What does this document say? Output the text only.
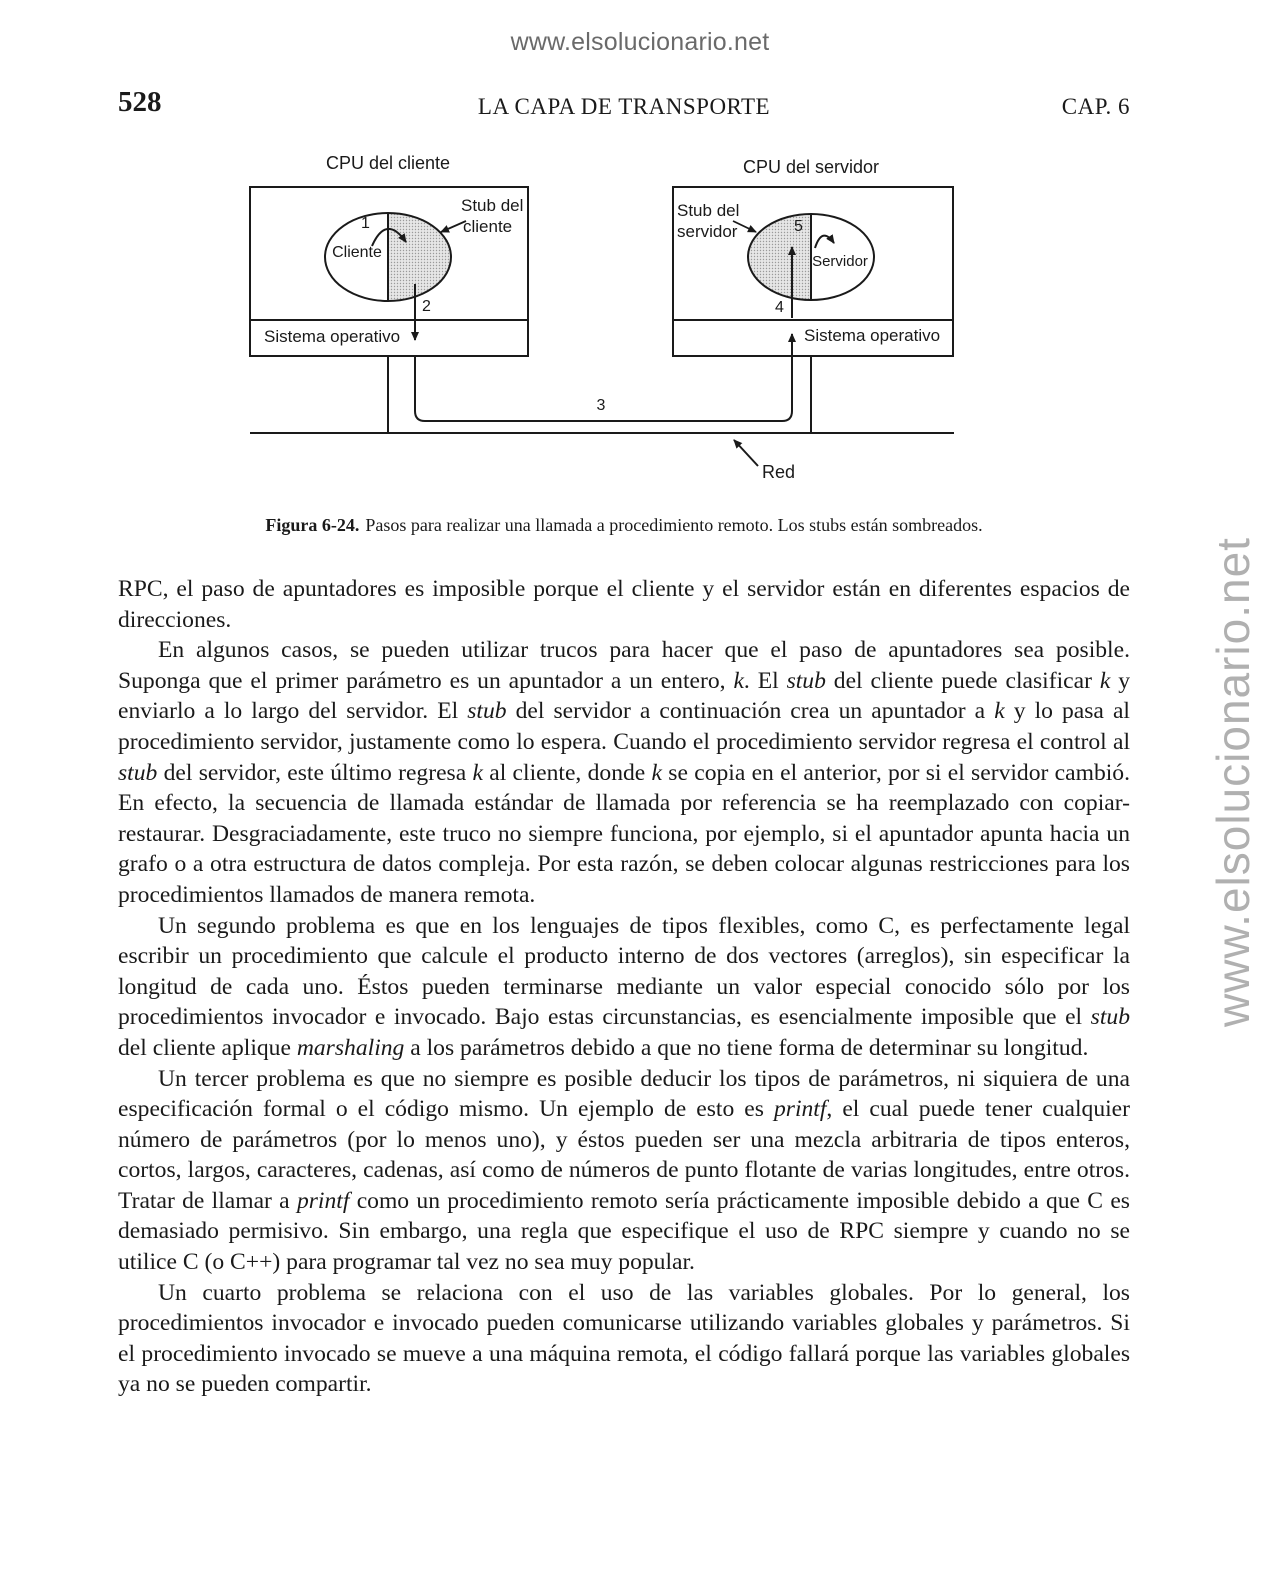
www.elsolucionario.net
www.elsolucionario.net
528	LA CAPA DE TRANSPORTE	CAP. 6
CPU del cliente	CPU del servidor
Sistema operativo	Sistema operativo
Cliente
1
Stub del
cliente
Servidor
5
Stub del
servidor
2
3
4
Red
Figura 6-24. Pasos para realizar una llamada a procedimiento remoto. Los stubs están sombreados.

RPC, el paso de apuntadores es imposible porque el cliente y el servidor están en diferentes espacios de direcciones.

En algunos casos, se pueden utilizar trucos para hacer que el paso de apuntadores sea posible. Suponga que el primer parámetro es un apuntador a un entero, k. El stub del cliente puede clasificar k y enviarlo a lo largo del servidor. El stub del servidor a continuación crea un apuntador a k y lo pasa al procedimiento servidor, justamente como lo espera. Cuando el procedimiento servidor regresa el control al stub del servidor, este último regresa k al cliente, donde k se copia en el anterior, por si el servidor cambió. En efecto, la secuencia de llamada estándar de llamada por referencia se ha reemplazado con copiar-restaurar. Desgraciadamente, este truco no siempre funciona, por ejemplo, si el apuntador apunta hacia un grafo o a otra estructura de datos compleja. Por esta razón, se deben colocar algunas restricciones para los procedimientos llamados de manera remota.

Un segundo problema es que en los lenguajes de tipos flexibles, como C, es perfectamente legal escribir un procedimiento que calcule el producto interno de dos vectores (arreglos), sin especificar la longitud de cada uno. Éstos pueden terminarse mediante un valor especial conocido sólo por los procedimientos invocador e invocado. Bajo estas circunstancias, es esencialmente imposible que el stub del cliente aplique marshaling a los parámetros debido a que no tiene forma de determinar su longitud.

Un tercer problema es que no siempre es posible deducir los tipos de parámetros, ni siquiera de una especificación formal o el código mismo. Un ejemplo de esto es printf, el cual puede tener cualquier número de parámetros (por lo menos uno), y éstos pueden ser una mezcla arbitraria de tipos enteros, cortos, largos, caracteres, cadenas, así como de números de punto flotante de varias longitudes, entre otros. Tratar de llamar a printf como un procedimiento remoto sería prácticamente imposible debido a que C es demasiado permisivo. Sin embargo, una regla que especifique el uso de RPC siempre y cuando no se utilice C (o C++) para programar tal vez no sea muy popular.

Un cuarto problema se relaciona con el uso de las variables globales. Por lo general, los procedimientos invocador e invocado pueden comunicarse utilizando variables globales y parámetros. Si el procedimiento invocado se mueve a una máquina remota, el código fallará porque las variables globales ya no se pueden compartir.
